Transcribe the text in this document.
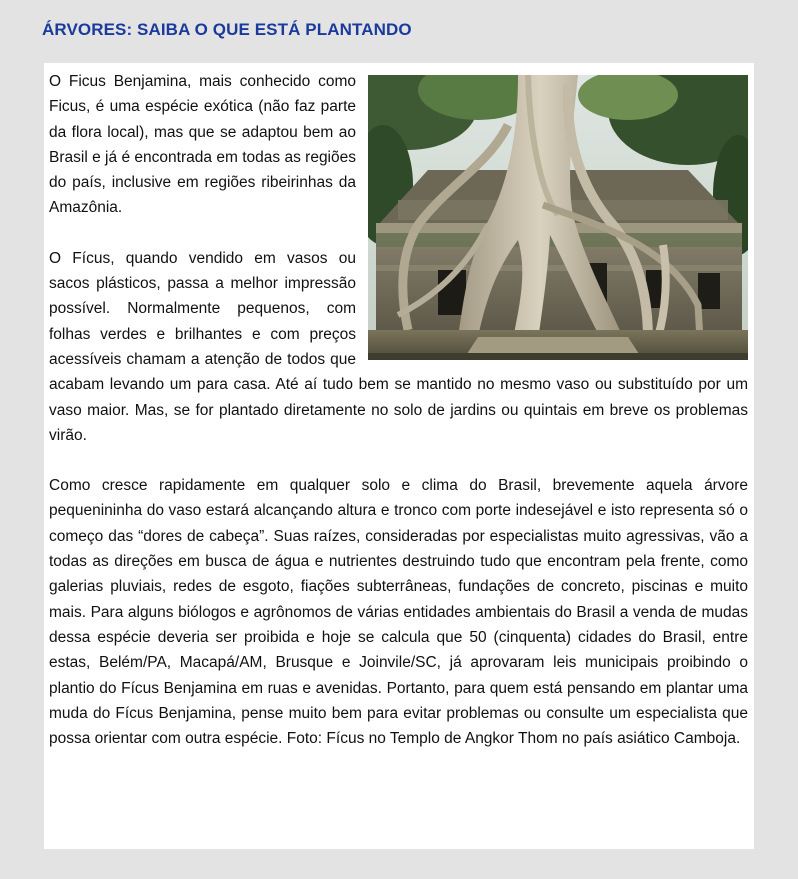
ÁRVORES: SAIBA O QUE ESTÁ PLANTANDO

O Ficus Benjamina, mais conhecido como Ficus, é uma espécie exótica (não faz parte da flora local), mas que se adaptou bem ao Brasil e já é encontrada em todas as regiões do país, inclusive em regiões ribeirinhas da Amazônia.

O Fícus, quando vendido em vasos ou sacos plásticos, passa a melhor impressão possível. Normalmente pequenos, com folhas verdes e brilhantes e com preços acessíveis chamam a atenção de todos que acabam levando um para casa. Até aí tudo bem se mantido no mesmo vaso ou substituído por um vaso maior. Mas, se for plantado diretamente no solo de jardins ou quintais em breve os problemas virão.

Como cresce rapidamente em qualquer solo e clima do Brasil, brevemente aquela árvore pequenininha do vaso estará alcançando altura e tronco com porte indesejável e isto representa só o começo das “dores de cabeça”. Suas raízes, consideradas por especialistas muito agressivas, vão a todas as direções em busca de água e nutrientes destruindo tudo que encontram pela frente, como galerias pluviais, redes de esgoto, fiações subterrâneas, fundações de concreto, piscinas e muito mais. Para alguns biólogos e agrônomos de várias entidades ambientais do Brasil a venda de mudas dessa espécie deveria ser proibida e hoje se calcula que 50 (cinquenta) cidades do Brasil, entre estas, Belém/PA, Macapá/AM, Brusque e Joinvile/SC, já aprovaram leis municipais proibindo o plantio do Fícus Benjamina em ruas e avenidas. Portanto, para quem está pensando em plantar uma muda do Fícus Benjamina, pense muito bem para evitar problemas ou consulte um especialista que possa orientar com outra espécie. Foto: Fícus no Templo de Angkor Thom no país asiático Camboja.
